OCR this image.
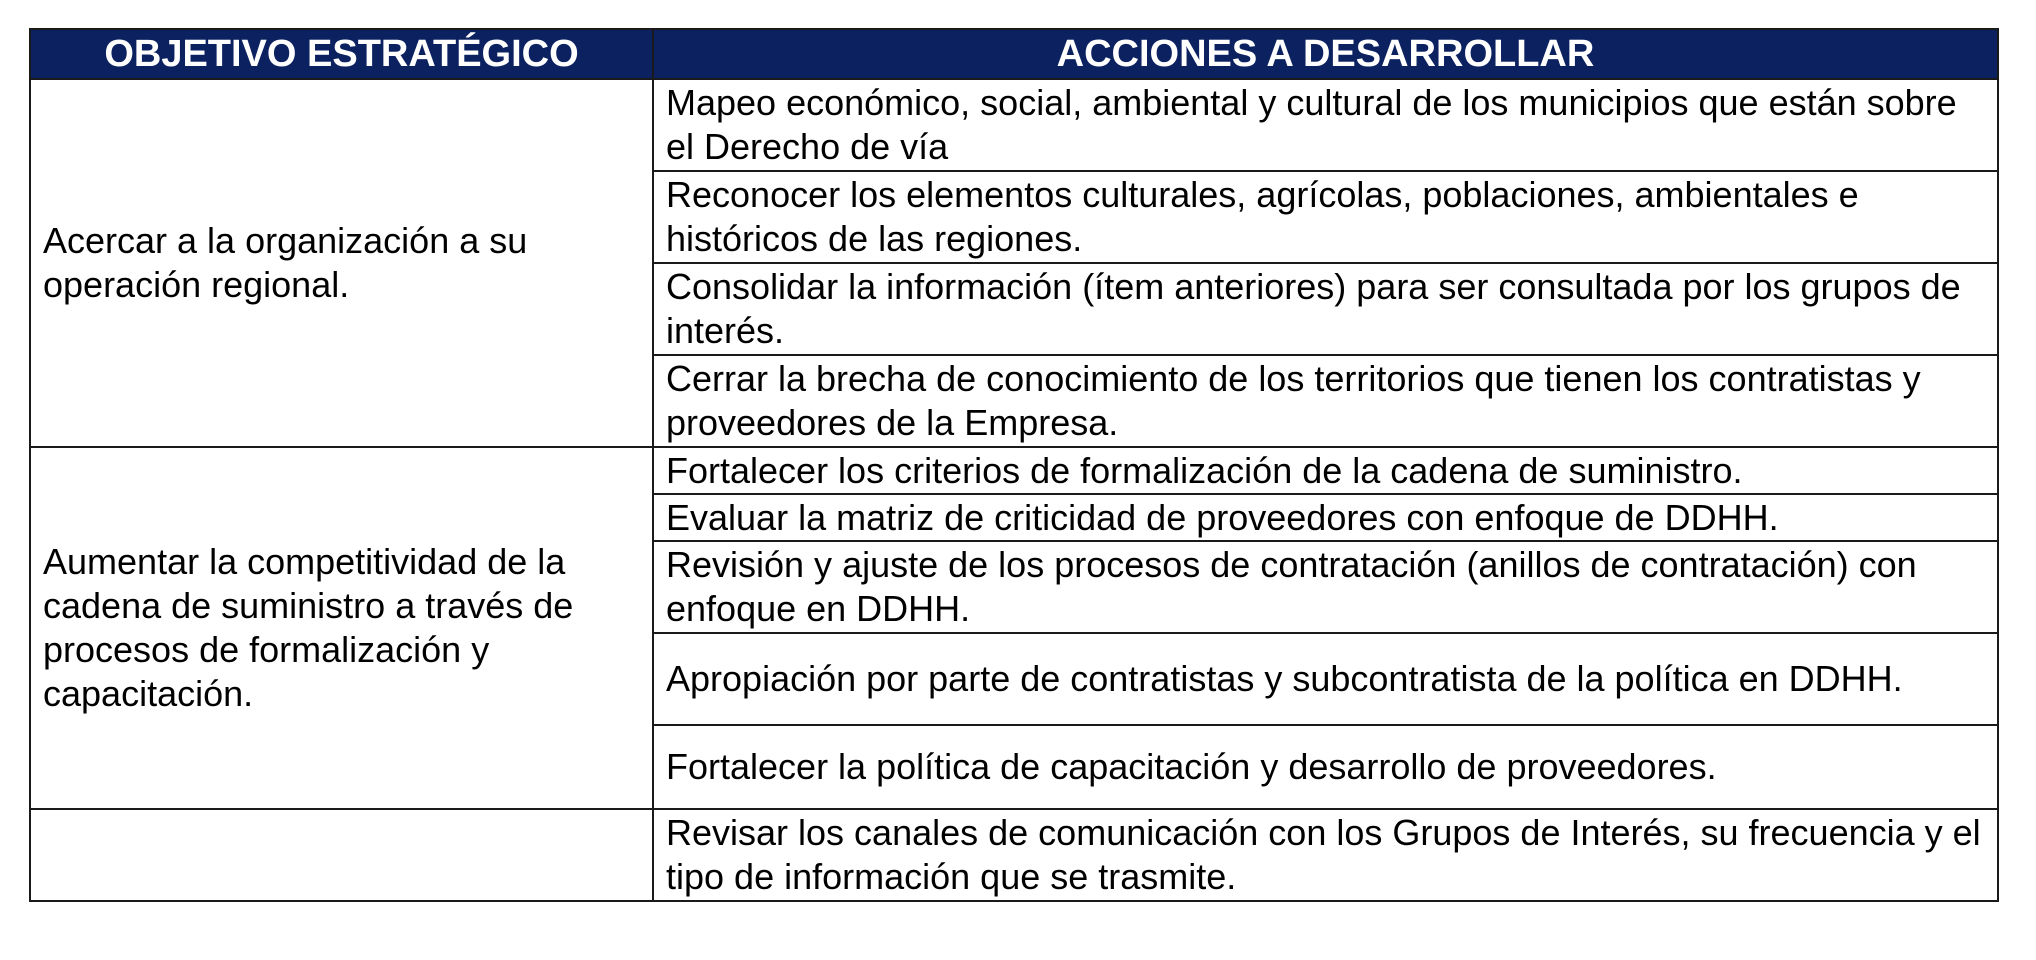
OBJETIVO ESTRATÉGICO	ACCIONES A DESARROLLAR
Acercar a la organización a su operación regional.	Mapeo económico, social, ambiental y cultural de los municipios que están sobre el Derecho de vía
	Reconocer los elementos culturales, agrícolas, poblaciones, ambientales e históricos de las regiones.
	Consolidar la información (ítem anteriores) para ser consultada por los grupos de interés.
	Cerrar la brecha de conocimiento de los territorios que tienen los contratistas y proveedores de la Empresa.
Aumentar la competitividad de la cadena de suministro a través de procesos de formalización y capacitación.	Fortalecer los criterios de formalización de la cadena de suministro.
	Evaluar la matriz de criticidad de proveedores con enfoque de DDHH.
	Revisión y ajuste de los procesos de contratación (anillos de contratación) con enfoque en DDHH.
	Apropiación por parte de contratistas y subcontratista de la política en DDHH.
	Fortalecer la política de capacitación y desarrollo de proveedores.
	Revisar los canales de comunicación con los Grupos de Interés, su frecuencia y el tipo de información que se trasmite.
